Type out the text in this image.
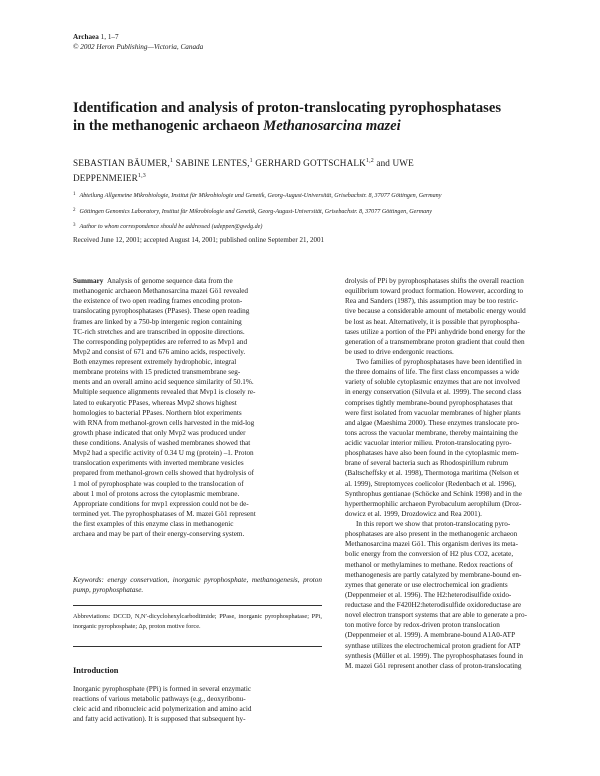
Archaea 1, 1–7
© 2002 Heron Publishing—Victoria, Canada
Identification and analysis of proton-translocating pyrophosphatases
in the methanogenic archaeon Methanosarcina mazei
SEBASTIAN BÄUMER,$^1$ SABINE LENTES,$^1$ GERHARD GOTTSCHALK$^{1,2}$ and UWE
DEPPENMEIER$^{1,3}$
$^1$ Abteilung Allgemeine Mikrobiologie, Institut für Mikrobiologie und Genetik, Georg-August-Universität, Grisebachstr. 8, 37077 Göttingen, Germany
$^2$ Göttingen Genomics Laboratory, Institut für Mikrobiologie und Genetik, Georg-August-Universität, Grisebachstr. 8, 37077 Göttingen, Germany
$^3$ Author to whom correspondence should be addressed (udeppen@gwdg.de)
Received June 12, 2001; accepted August 14, 2001; published online September 21, 2001
Summary Analysis of genome sequence data from the
methanogenic archaeon Methanosarcina mazei Gö1 revealed
the existence of two open reading frames encoding proton-
translocating pyrophosphatases (PPases). These open reading
frames are linked by a 750-bp intergenic region containing
TC-rich stretches and are transcribed in opposite directions.
The corresponding polypeptides are referred to as Mvp1 and
Mvp2 and consist of 671 and 676 amino acids, respectively.
Both enzymes represent extremely hydrophobic, integral
membrane proteins with 15 predicted transmembrane seg-
ments and an overall amino acid sequence similarity of 50.1%.
Multiple sequence alignments revealed that Mvp1 is closely re-
lated to eukaryotic PPases, whereas Mvp2 shows highest
homologies to bacterial PPases. Northern blot experiments
with RNA from methanol-grown cells harvested in the mid-log
growth phase indicated that only Mvp2 was produced under
these conditions. Analysis of washed membranes showed that
Mvp2 had a specific activity of 0.34 U mg (protein) –1. Proton
translocation experiments with inverted membrane vesicles
prepared from methanol-grown cells showed that hydrolysis of
1 mol of pyrophosphate was coupled to the translocation of
about 1 mol of protons across the cytoplasmic membrane.
Appropriate conditions for mvp1 expression could not be de-
termined yet. The pyrophosphatases of M. mazei Gö1 represent
the first examples of this enzyme class in methanogenic
archaea and may be part of their energy-conserving system.
Keywords: energy conservation, inorganic pyrophosphate, methanogenesis, proton pump, pyrophosphatase.
Abbreviations: DCCD, N,N′-dicyclohexylcarbodiimide; PPase, inorganic pyrophosphatase; PPi, inorganic pyrophosphate; Δp, proton motive force.
Introduction
Inorganic pyrophosphate (PPi) is formed in several enzymatic
reactions of various metabolic pathways (e.g., deoxyribonu-
cleic acid and ribonucleic acid polymerization and amino acid
and fatty acid activation). It is supposed that subsequent hy-
drolysis of PPi by pyrophosphatases shifts the overall reaction
equilibrium toward product formation. However, according to
Rea and Sanders (1987), this assumption may be too restric-
tive because a considerable amount of metabolic energy would
be lost as heat. Alternatively, it is possible that pyrophospha-
tases utilize a portion of the PPi anhydride bond energy for the
generation of a transmembrane proton gradient that could then
be used to drive endergonic reactions.
Two families of pyrophosphatases have been identified in
the three domains of life. The first class encompasses a wide
variety of soluble cytoplasmic enzymes that are not involved
in energy conservation (Silvula et al. 1999). The second class
comprises tightly membrane-bound pyrophosphatases that
were first isolated from vacuolar membranes of higher plants
and algae (Maeshima 2000). These enzymes translocate pro-
tons across the vacuolar membrane, thereby maintaining the
acidic vacuolar interior milieu. Proton-translocating pyro-
phosphatases have also been found in the cytoplasmic mem-
brane of several bacteria such as Rhodospirillum rubrum
(Baltscheffsky et al. 1998), Thermotoga maritima (Nelson et
al. 1999), Streptomyces coelicolor (Redenbach et al. 1996),
Synthrophus gentianae (Schöcke and Schink 1998) and in the
hyperthermophilic archaeon Pyrobaculum aerophilum (Droz-
dowicz et al. 1999, Drozdowicz and Rea 2001).
In this report we show that proton-translocating pyro-
phosphatases are also present in the methanogenic archaeon
Methanosarcina mazei Gö1. This organism derives its meta-
bolic energy from the conversion of H2 plus CO2, acetate,
methanol or methylamines to methane. Redox reactions of
methanogenesis are partly catalyzed by membrane-bound en-
zymes that generate or use electrochemical ion gradients
(Deppenmeier et al. 1996). The H2:heterodisulfide oxido-
reductase and the F420H2:heterodisulfide oxidoreductase are
novel electron transport systems that are able to generate a pro-
ton motive force by redox-driven proton translocation
(Deppenmeier et al. 1999). A membrane-bound A1A0-ATP
synthase utilizes the electrochemical proton gradient for ATP
synthesis (Müller et al. 1999). The pyrophosphatases found in
M. mazei Gö1 represent another class of proton-translocating
